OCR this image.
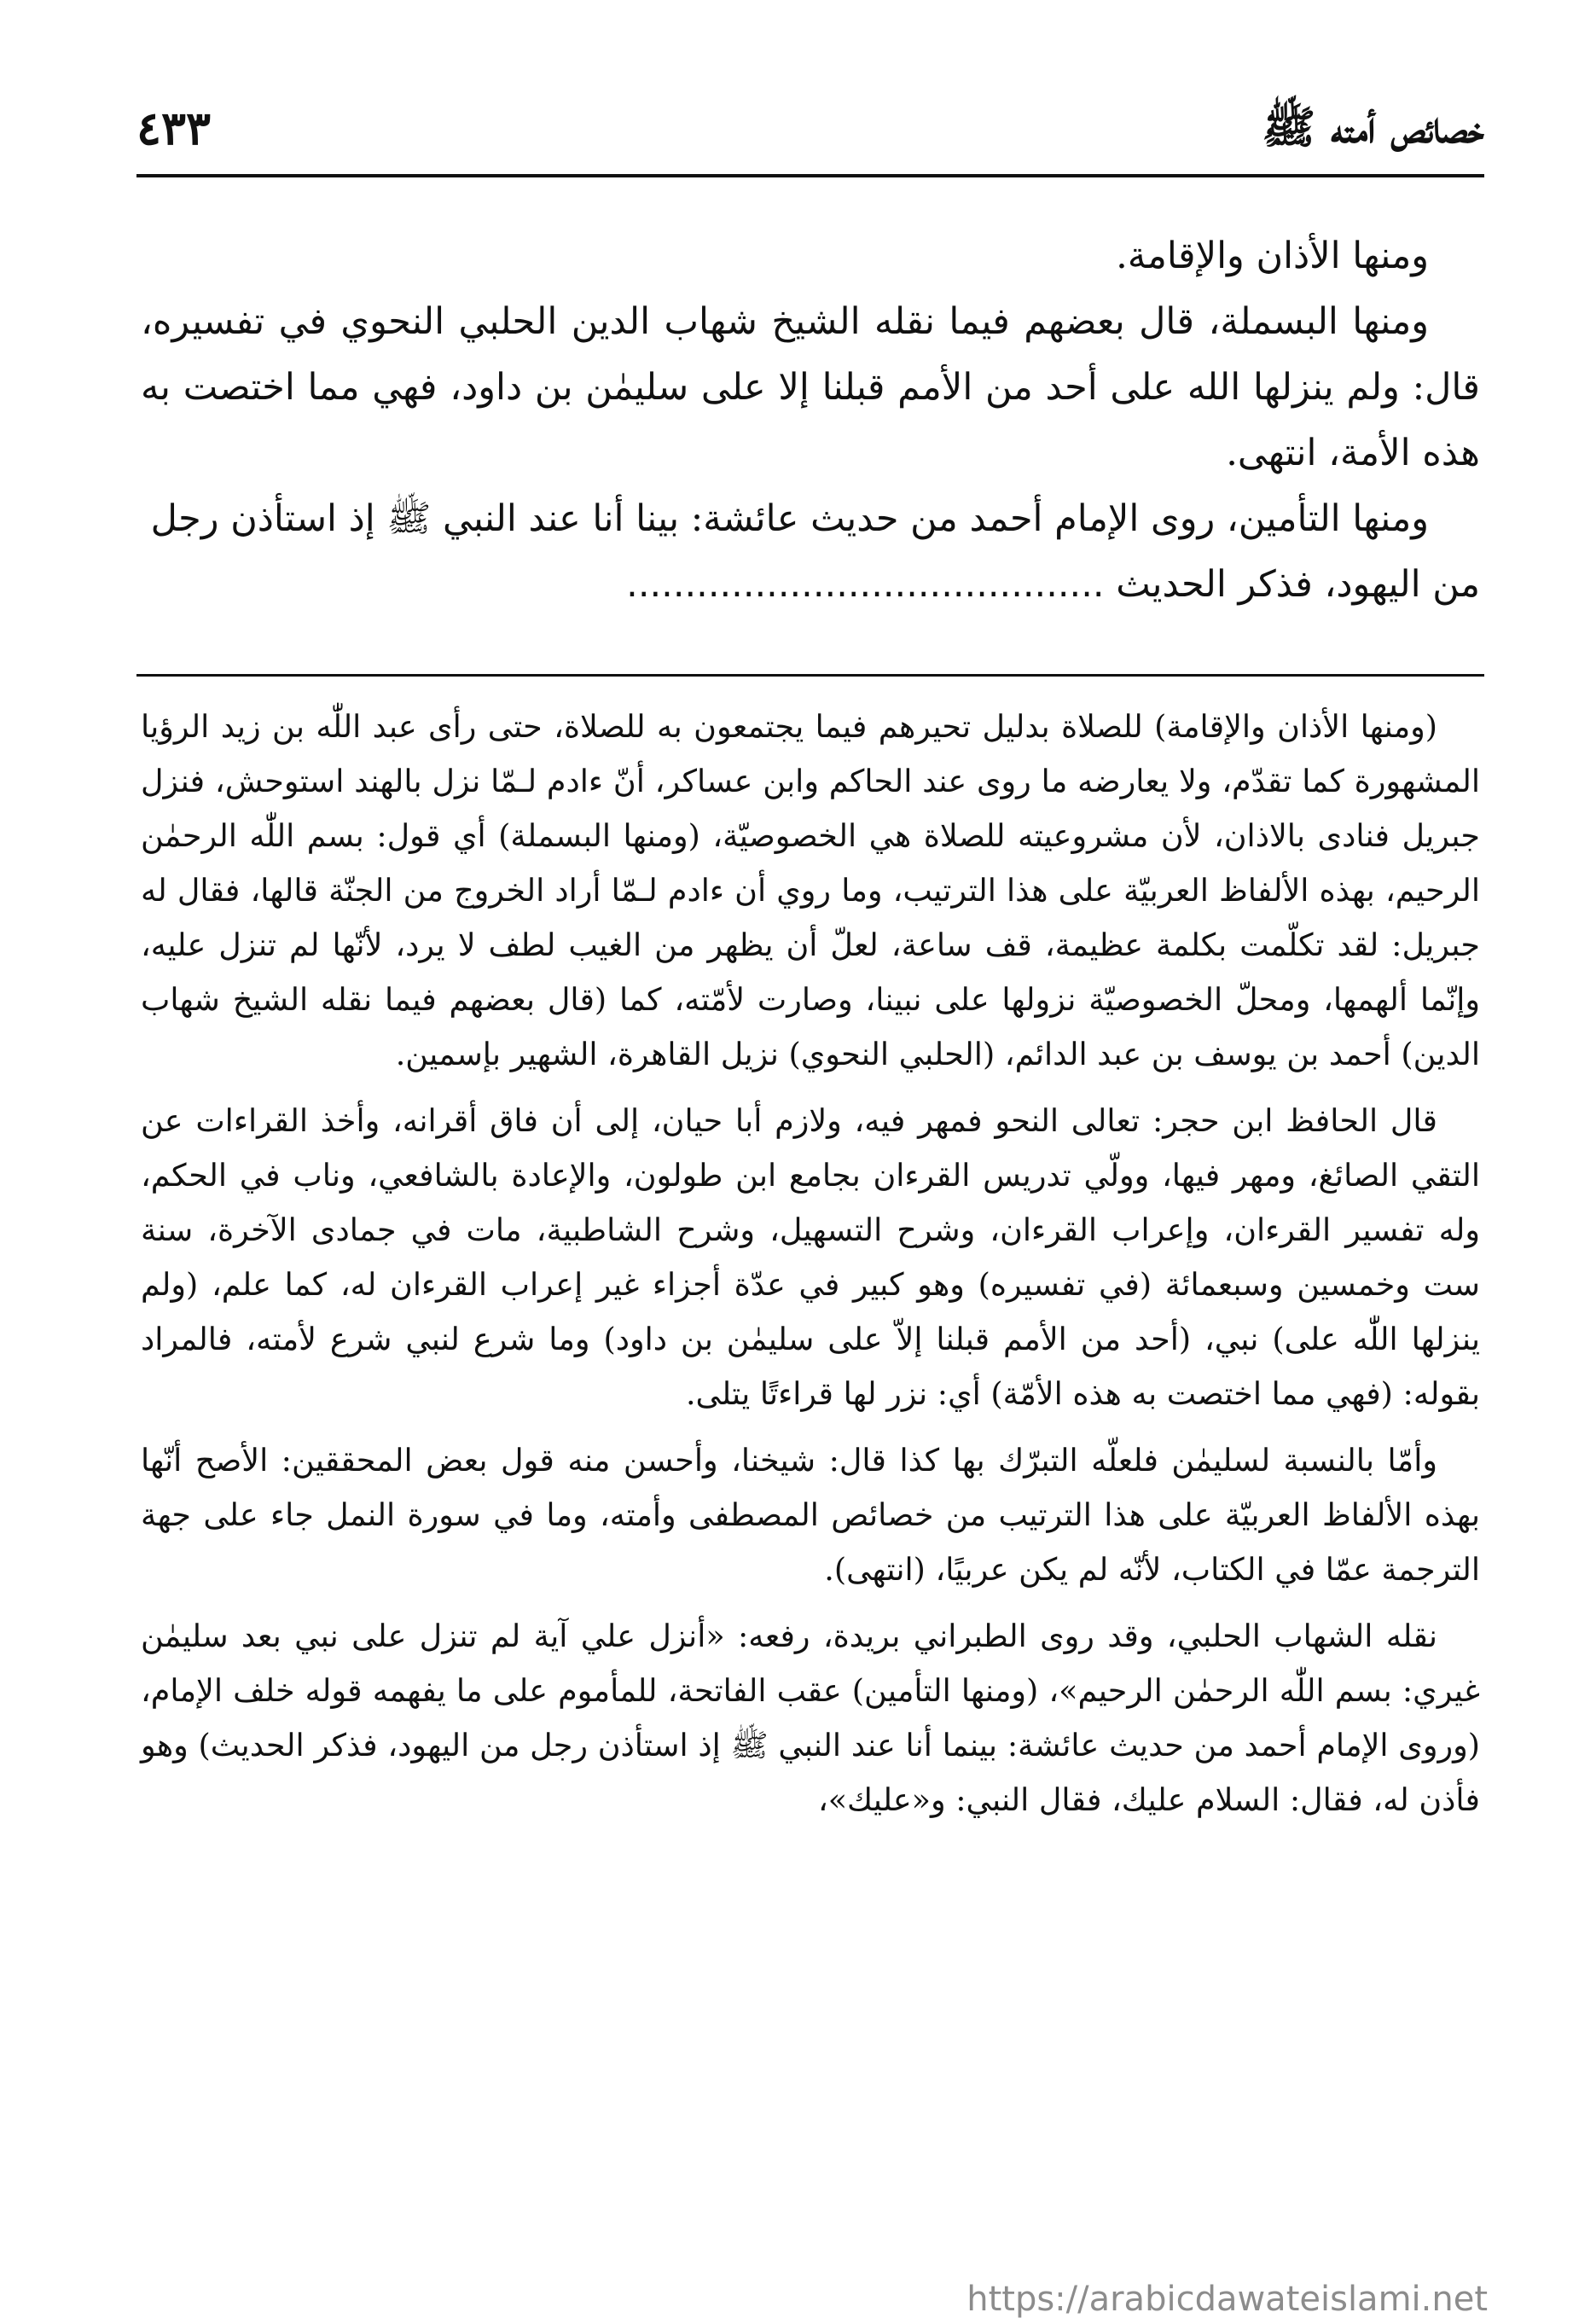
خصائص أمته ﷺ
٤٣٣

ومنها الأذان والإقامة.

ومنها البسملة، قال بعضهم فيما نقله الشيخ شهاب الدين الحلبي النحوي في تفسيره، قال: ولم ينزلها الله على أحد من الأمم قبلنا إلا على سليمٰن بن داود، فهي مما اختصت به هذه الأمة، انتهى.

ومنها التأمين، روى الإمام أحمد من حديث عائشة: بينا أنا عند النبي ﷺ إذ استأذن رجل من اليهود، فذكر الحديث .........................................

(ومنها الأذان والإقامة) للصلاة بدليل تحيرهم فيما يجتمعون به للصلاة، حتى رأى عبد اللّٰه بن زيد الرؤيا المشهورة كما تقدّم، ولا يعارضه ما روى عند الحاكم وابن عساكر، أنّ ءادم لـمّا نزل بالهند استوحش، فنزل جبريل فنادى بالاذان، لأن مشروعيته للصلاة هي الخصوصيّة، (ومنها البسملة) أي قول: بسم اللّٰه الرحمٰن الرحيم، بهذه الألفاظ العربيّة على هذا الترتيب، وما روي أن ءادم لـمّا أراد الخروج من الجنّة قالها، فقال له جبريل: لقد تكلّمت بكلمة عظيمة، قف ساعة، لعلّ أن يظهر من الغيب لطف لا يرد، لأنّها لم تنزل عليه، وإنّما ألهمها، ومحلّ الخصوصيّة نزولها على نبينا، وصارت لأمّته، كما (قال بعضهم فيما نقله الشيخ شهاب الدين) أحمد بن يوسف بن عبد الدائم، (الحلبي النحوي) نزيل القاهرة، الشهير بإسمين.

قال الحافظ ابن حجر: تعالى النحو فمهر فيه، ولازم أبا حيان، إلى أن فاق أقرانه، وأخذ القراءات عن التقي الصائغ، ومهر فيها، وولّي تدريس القرءان بجامع ابن طولون، والإعادة بالشافعي، وناب في الحكم، وله تفسير القرءان، وإعراب القرءان، وشرح التسهيل، وشرح الشاطبية، مات في جمادى الآخرة، سنة ست وخمسين وسبعمائة (في تفسيره) وهو كبير في عدّة أجزاء غير إعراب القرءان له، كما علم، (ولم ينزلها اللّٰه على) نبي، (أحد من الأمم قبلنا إلاّ على سليمٰن بن داود) وما شرع لنبي شرع لأمته، فالمراد بقوله: (فهي مما اختصت به هذه الأمّة) أي: نزر لها قراءتًا يتلى.

وأمّا بالنسبة لسليمٰن فلعلّه التبرّك بها كذا قال: شيخنا، وأحسن منه قول بعض المحققين: الأصح أنّها بهذه الألفاظ العربيّة على هذا الترتيب من خصائص المصطفى وأمته، وما في سورة النمل جاء على جهة الترجمة عمّا في الكتاب، لأنّه لم يكن عربيًا، (انتهى).

نقله الشهاب الحلبي، وقد روى الطبراني بريدة، رفعه: «أنزل علي آية لم تنزل على نبي بعد سليمٰن غيري: بسم اللّٰه الرحمٰن الرحيم»، (ومنها التأمين) عقب الفاتحة، للمأموم على ما يفهمه قوله خلف الإمام، (وروى الإمام أحمد من حديث عائشة: بينما أنا عند النبي ﷺ إذ استأذن رجل من اليهود، فذكر الحديث) وهو فأذن له، فقال: السلام عليك، فقال النبي: و«عليك»،

https://arabicdawateislami.net
